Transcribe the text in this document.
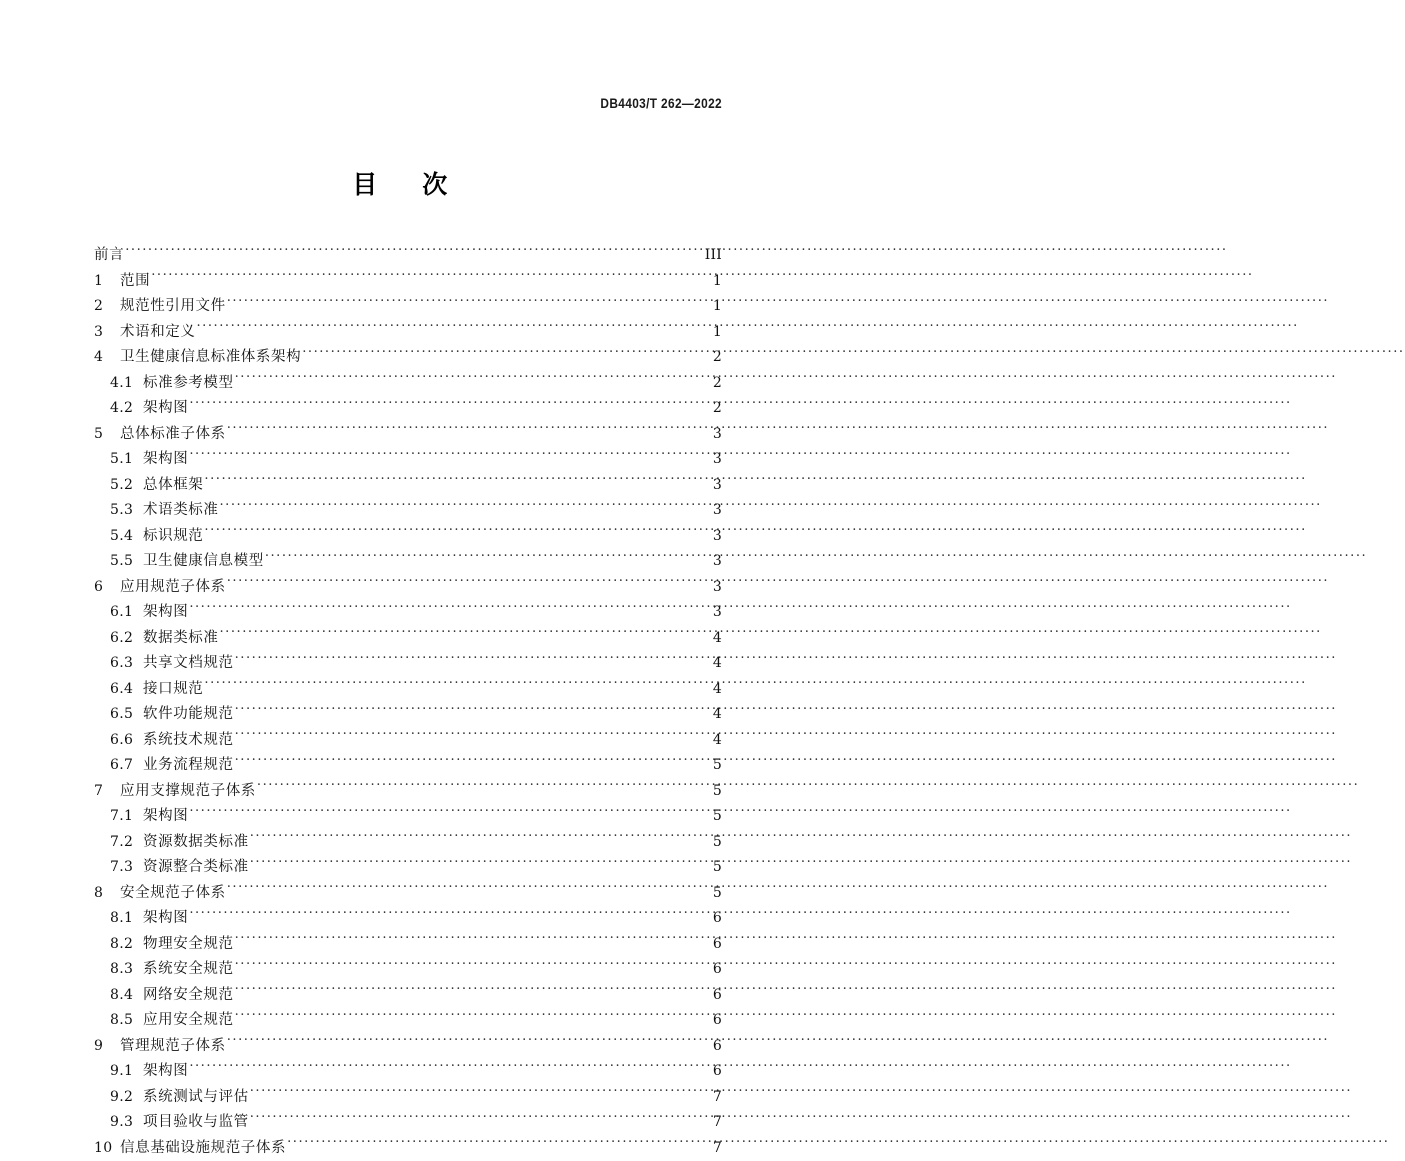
DB4403/T 262—2022
目 次
前言 .....	III
1	范围 .....	1
2	规范性引用文件 .....	1
3	术语和定义 .....	1
4	卫生健康信息标准体系架构 .....	2
4.1 标准参考模型 .....	2
4.2 架构图 .....	2
5	总体标准子体系 .....	3
5.1 架构图 .....	3
5.2 总体框架 .....	3
5.3 术语类标准 .....	3
5.4 标识规范 .....	3
5.5 卫生健康信息模型 .....	3
6	应用规范子体系 .....	3
6.1 架构图 .....	3
6.2 数据类标准 .....	4
6.3 共享文档规范 .....	4
6.4 接口规范 .....	4
6.5 软件功能规范 .....	4
6.6 系统技术规范 .....	4
6.7 业务流程规范 .....	5
7	应用支撑规范子体系 .....	5
7.1 架构图 .....	5
7.2 资源数据类标准 .....	5
7.3 资源整合类标准 .....	5
8	安全规范子体系 .....	5
8.1 架构图 .....	6
8.2 物理安全规范 .....	6
8.3 系统安全规范 .....	6
8.4 网络安全规范 .....	6
8.5 应用安全规范 .....	6
9	管理规范子体系 .....	6
9.1 架构图 .....	6
9.2 系统测试与评估 .....	7
9.3 项目验收与监管 .....	7
10 信息基础设施规范子体系 .....	7
